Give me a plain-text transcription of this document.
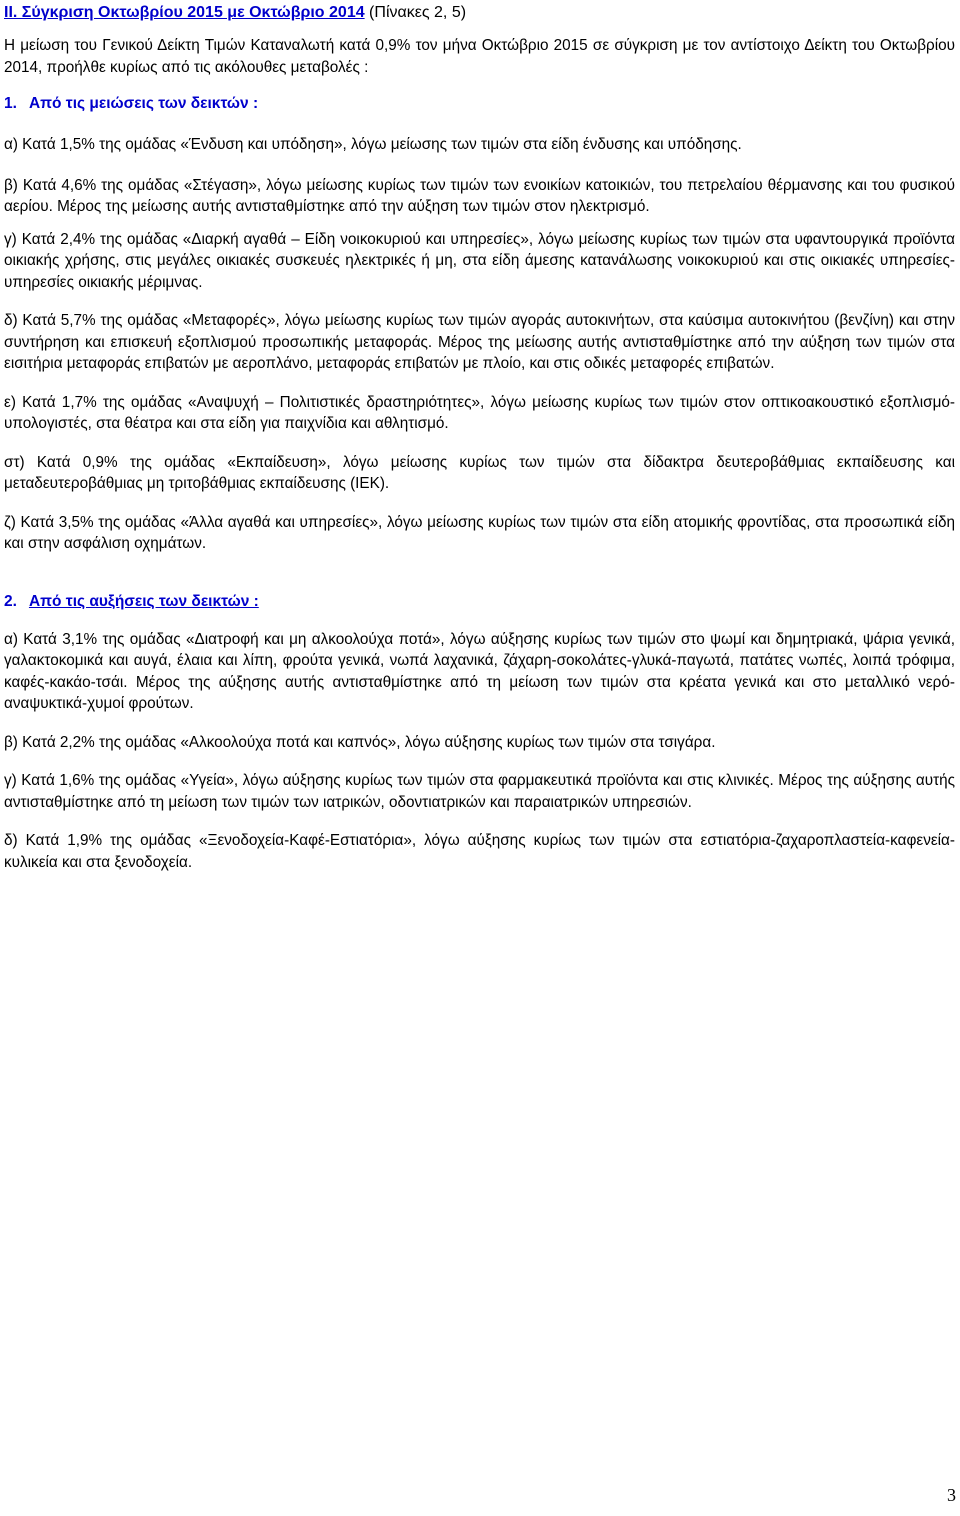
II. Σύγκριση Οκτωβρίου 2015 με Οκτώβριο 2014 (Πίνακες 2, 5)

Η μείωση του Γενικού Δείκτη Τιμών Καταναλωτή κατά 0,9% τον μήνα Οκτώβριο 2015 σε σύγκριση με τον αντίστοιχο Δείκτη του Οκτωβρίου 2014, προήλθε κυρίως από τις ακόλουθες μεταβολές :

1. Από τις μειώσεις των δεικτών :

α) Κατά 1,5% της ομάδας «Ένδυση και υπόδηση», λόγω μείωσης των τιμών στα είδη ένδυσης και υπόδησης.

β) Κατά 4,6% της ομάδας «Στέγαση», λόγω μείωσης κυρίως των τιμών των ενοικίων κατοικιών, του πετρελαίου θέρμανσης και του φυσικού αερίου. Μέρος της μείωσης αυτής αντισταθμίστηκε από την αύξηση των τιμών στον ηλεκτρισμό.

γ) Κατά 2,4% της ομάδας «Διαρκή αγαθά – Είδη νοικοκυριού και υπηρεσίες», λόγω μείωσης κυρίως των τιμών στα υφαντουργικά προϊόντα οικιακής χρήσης, στις μεγάλες οικιακές συσκευές ηλεκτρικές ή μη, στα είδη άμεσης κατανάλωσης νοικοκυριού και στις οικιακές υπηρεσίες-υπηρεσίες οικιακής μέριμνας.

δ) Κατά 5,7% της ομάδας «Μεταφορές», λόγω μείωσης κυρίως των τιμών αγοράς αυτοκινήτων, στα καύσιμα αυτοκινήτου (βενζίνη) και στην συντήρηση και επισκευή εξοπλισμού προσωπικής μεταφοράς. Μέρος της μείωσης αυτής αντισταθμίστηκε από την αύξηση των τιμών στα εισιτήρια μεταφοράς επιβατών με αεροπλάνο, μεταφοράς επιβατών με πλοίο, και στις οδικές μεταφορές επιβατών.

ε) Κατά 1,7% της ομάδας «Αναψυχή – Πολιτιστικές δραστηριότητες», λόγω μείωσης κυρίως των τιμών στον οπτικοακουστικό εξοπλισμό-υπολογιστές, στα θέατρα και στα είδη για παιχνίδια και αθλητισμό.

στ) Κατά 0,9% της ομάδας «Εκπαίδευση», λόγω μείωσης κυρίως των τιμών στα δίδακτρα δευτεροβάθμιας εκπαίδευσης και μεταδευτεροβάθμιας μη τριτοβάθμιας εκπαίδευσης (ΙΕΚ).

ζ) Κατά 3,5% της ομάδας «Άλλα αγαθά και υπηρεσίες», λόγω μείωσης κυρίως των τιμών στα είδη ατομικής φροντίδας, στα προσωπικά είδη και στην ασφάλιση οχημάτων.

2. Από τις αυξήσεις των δεικτών :

α) Κατά 3,1% της ομάδας «Διατροφή και μη αλκοολούχα ποτά», λόγω αύξησης κυρίως των τιμών στο ψωμί και δημητριακά, ψάρια γενικά, γαλακτοκομικά και αυγά, έλαια και λίπη, φρούτα γενικά, νωπά λαχανικά, ζάχαρη-σοκολάτες-γλυκά-παγωτά, πατάτες νωπές, λοιπά τρόφιμα, καφές-κακάο-τσάι. Μέρος της αύξησης αυτής αντισταθμίστηκε από τη μείωση των τιμών στα κρέατα γενικά και στο μεταλλικό νερό-αναψυκτικά-χυμοί φρούτων.

β) Κατά 2,2% της ομάδας «Αλκοολούχα ποτά και καπνός», λόγω αύξησης κυρίως των τιμών στα τσιγάρα.

γ) Κατά 1,6% της ομάδας «Υγεία», λόγω αύξησης κυρίως των τιμών στα φαρμακευτικά προϊόντα και στις κλινικές. Μέρος της αύξησης αυτής αντισταθμίστηκε από τη μείωση των τιμών των ιατρικών, οδοντιατρικών και παραιατρικών υπηρεσιών.

δ) Κατά 1,9% της ομάδας «Ξενοδοχεία-Καφέ-Εστιατόρια», λόγω αύξησης κυρίως των τιμών στα εστιατόρια-ζαχαροπλαστεία-καφενεία-κυλικεία και στα ξενοδοχεία.

3
